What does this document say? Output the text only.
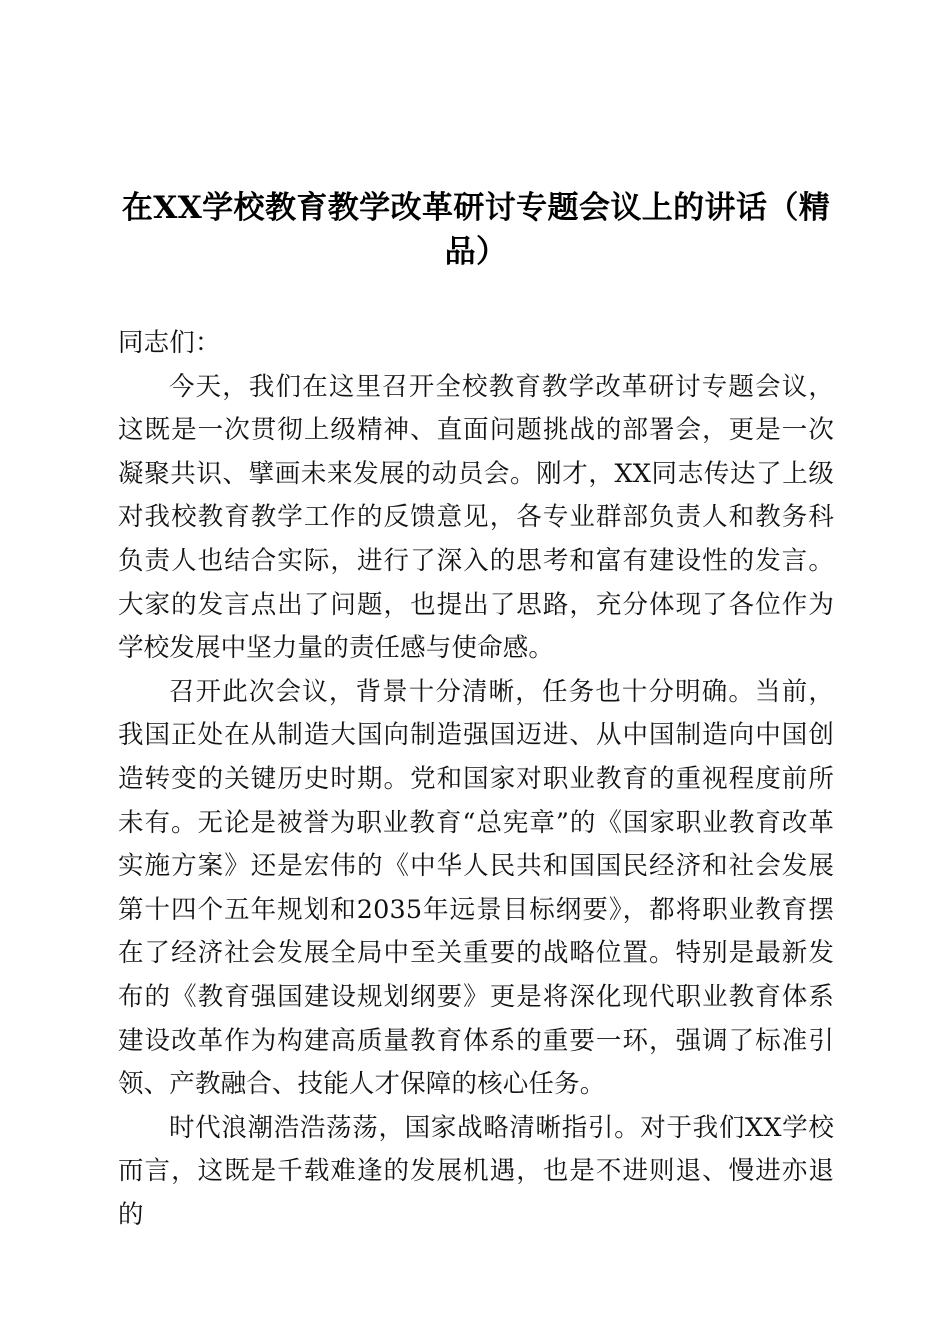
在XX学校教育教学改革研讨专题会议上的讲话（精品）

同志们：

今天，我们在这里召开全校教育教学改革研讨专题会议，这既是一次贯彻上级精神、直面问题挑战的部署会，更是一次凝聚共识、擘画未来发展的动员会。刚才，XX同志传达了上级对我校教育教学工作的反馈意见，各专业群部负责人和教务科负责人也结合实际，进行了深入的思考和富有建设性的发言。大家的发言点出了问题，也提出了思路，充分体现了各位作为学校发展中坚力量的责任感与使命感。

召开此次会议，背景十分清晰，任务也十分明确。当前，我国正处在从制造大国向制造强国迈进、从中国制造向中国创造转变的关键历史时期。党和国家对职业教育的重视程度前所未有。无论是被誉为职业教育“总宪章”的《国家职业教育改革实施方案》还是宏伟的《中华人民共和国国民经济和社会发展第十四个五年规划和2035年远景目标纲要》，都将职业教育摆在了经济社会发展全局中至关重要的战略位置。特别是最新发布的《教育强国建设规划纲要》更是将深化现代职业教育体系建设改革作为构建高质量教育体系的重要一环，强调了标准引领、产教融合、技能人才保障的核心任务。

时代浪潮浩浩荡荡，国家战略清晰指引。对于我们XX学校而言，这既是千载难逢的发展机遇，也是不进则退、慢进亦退的
